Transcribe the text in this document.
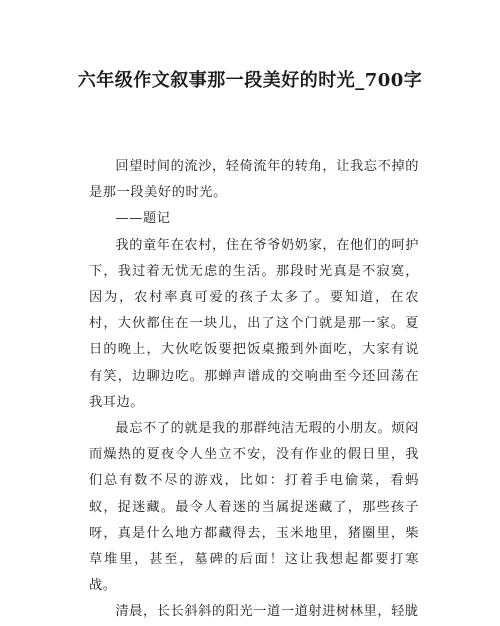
六年级作文叙事那一段美好的时光_700字

回望时间的流沙，轻倚流年的转角，让我忘不掉的是那一段美好的时光。

——题记

我的童年在农村，住在爷爷奶奶家，在他们的呵护下，我过着无忧无虑的生活。那段时光真是不寂寞，因为，农村率真可爱的孩子太多了。要知道，在农村，大伙都住在一块儿，出了这个门就是那一家。夏日的晚上，大伙吃饭要把饭桌搬到外面吃，大家有说有笑，边聊边吃。那蝉声谱成的交响曲至今还回荡在我耳边。

最忘不了的就是我的那群纯洁无瑕的小朋友。烦闷而燥热的夏夜令人坐立不安，没有作业的假日里，我们总有数不尽的游戏，比如：打着手电偷菜，看蚂蚁，捉迷藏。最令人着迷的当属捉迷藏了，那些孩子呀，真是什么地方都藏得去，玉米地里，猪圈里，柴草堆里，甚至，墓碑的后面！这让我想起都要打寒战。

清晨，长长斜斜的阳光一道一道射进树林里，轻胧
